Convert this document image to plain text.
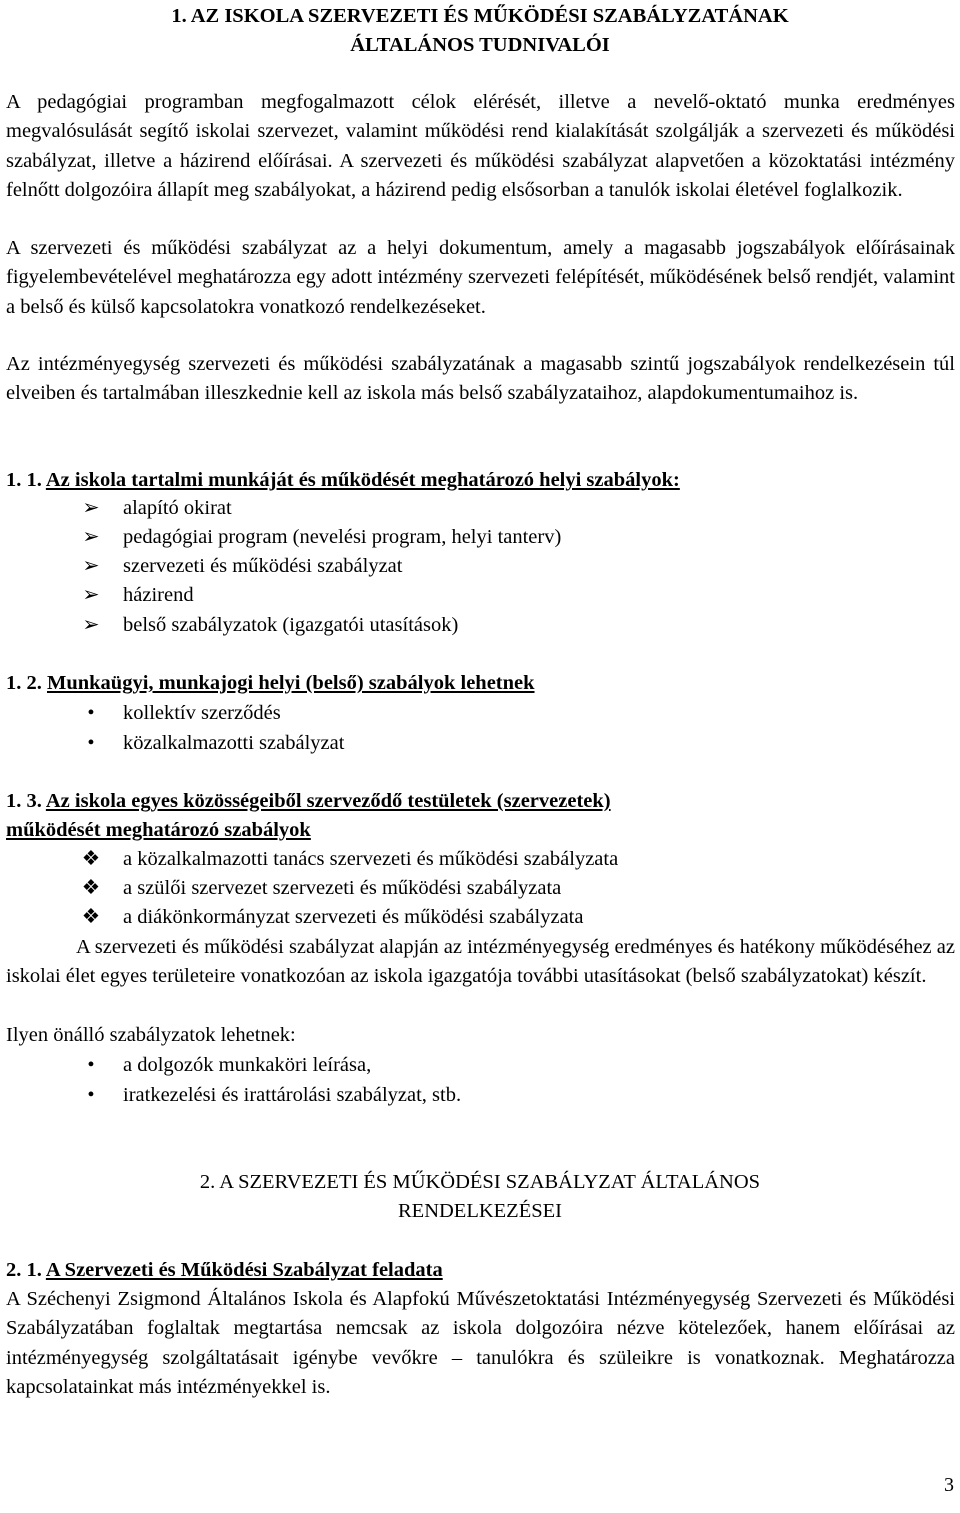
1. AZ ISKOLA SZERVEZETI ÉS MŰKÖDÉSI SZABÁLYZATÁNAK
ÁLTALÁNOS TUDNIVALÓI

A pedagógiai programban megfogalmazott célok elérését, illetve a nevelő-oktató munka eredményes megvalósulását segítő iskolai szervezet, valamint működési rend kialakítását szolgálják a szervezeti és működési szabályzat, illetve a házirend előírásai. A szervezeti és működési szabályzat alapvetően a közoktatási intézmény felnőtt dolgozóira állapít meg szabályokat, a házirend pedig elsősorban a tanulók iskolai életével foglalkozik.

A szervezeti és működési szabályzat az a helyi dokumentum, amely a magasabb jogszabályok előírásainak figyelembevételével meghatározza egy adott intézmény szervezeti felépítését, működésének belső rendjét, valamint a belső és külső kapcsolatokra vonatkozó rendelkezéseket.

Az intézményegység szervezeti és működési szabályzatának a magasabb szintű jogszabályok rendelkezésein túl elveiben és tartalmában illeszkednie kell az iskola más belső szabályzataihoz, alapdokumentumaihoz is.

1. 1. Az iskola tartalmi munkáját és működését meghatározó helyi szabályok:

➢	alapító okirat
➢	pedagógiai program (nevelési program, helyi tanterv)
➢	szervezeti és működési szabályzat
➢	házirend
➢	belső szabályzatok (igazgatói utasítások)

1. 2. Munkaügyi, munkajogi helyi (belső) szabályok lehetnek

•	kollektív szerződés
•	közalkalmazotti szabályzat

1. 3. Az iskola egyes közösségeiből szerveződő testületek (szervezetek)
működését meghatározó szabályok

❖ a közalkalmazotti tanács szervezeti és működési szabályzata
❖ a szülői szervezet szervezeti és működési szabályzata
❖ a diákönkormányzat szervezeti és működési szabályzata

A szervezeti és működési szabályzat alapján az intézményegység eredményes és hatékony működéséhez az iskolai élet egyes területeire vonatkozóan az iskola igazgatója további utasításokat (belső szabályzatokat) készít.

Ilyen önálló szabályzatok lehetnek:

•	a dolgozók munkaköri leírása,
•	iratkezelési és irattárolási szabályzat, stb.
2. A SZERVEZETI ÉS MŰKÖDÉSI SZABÁLYZAT ÁLTALÁNOS
RENDELKEZÉSEI

2. 1. A Szervezeti és Működési Szabályzat feladata

A Széchenyi Zsigmond Általános Iskola és Alapfokú Művészetoktatási Intézményegység Szervezeti és Működési Szabályzatában foglaltak megtartása nemcsak az iskola dolgozóira nézve kötelezőek, hanem előírásai az intézményegység szolgáltatásait igénybe vevőkre – tanulókra és szüleikre is vonatkoznak. Meghatározza kapcsolatainkat más intézményekkel is.

3
